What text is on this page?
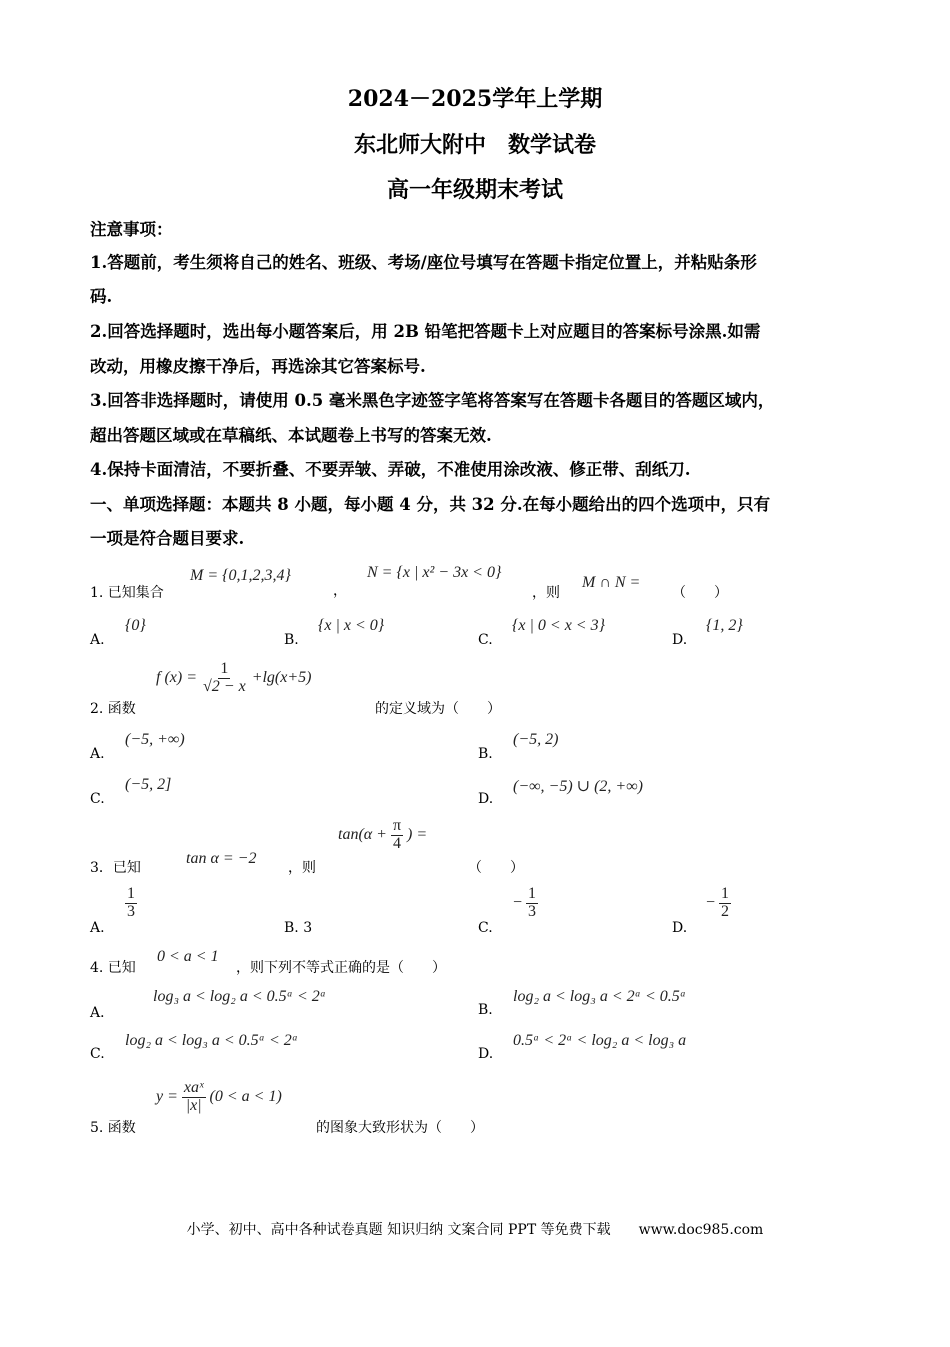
2024－2025学年上学期
东北师大附中　数学试卷
高一年级期末考试
注意事项：
1.答题前，考生须将自己的姓名、班级、考场/座位号填写在答题卡指定位置上，并粘贴条形
码.
2.回答选择题时，选出每小题答案后，用 2B 铅笔把答题卡上对应题目的答案标号涂黑.如需
改动，用橡皮擦干净后，再选涂其它答案标号.
3.回答非选择题时，请使用 0.5 毫米黑色字迹签字笔将答案写在答题卡各题目的答题区域内，
超出答题区域或在草稿纸、本试题卷上书写的答案无效.
4.保持卡面清洁，不要折叠、不要弄皱、弄破，不准使用涂改液、修正带、刮纸刀.
一、单项选择题：本题共 8 小题，每小题 4 分，共 32 分.在每小题给出的四个选项中，只有
一项是符合题目要求.
1. 已知集合
M = {0,1,2,3,4}
，
N = {x | x² − 3x < 0}
，则
M ∩ N =
（　　）
A.
{0}
B.
{x | x < 0}
C.
{x | 0 < x < 3}
D.
{1, 2}
2. 函数
f $(x) = \frac{1}{√2 - x} +\lg(x+5)$
的定义域为（　　）
A.
(−5, +∞)
B.
(−5, 2)
C.
(−5, 2]
D.
(−∞, −5) ∪ (2, +∞)
3．已知
tan α = −2
，则
$\tan(\alpha + \frac{\pi}{4}$ ) =
（　　）
A.
$\frac{1}{3}$
B. 3	C.
− $\frac{1}{3}$
D.
− $\frac{1}{2}$
4. 已知
0 < a < 1
，则下列不等式正确的是（　　）
A．
log₃ a < log₂ a < 0.5ᵃ < 2ᵃ
B.
log₂ a < log₃ a < 2ᵃ < 0.5ᵃ
C.
log₂ a < log₃ a < 0.5ᵃ < 2ᵃ
D.
0.5ᵃ < 2ᵃ < log₂ a < log₃ a
5. 函数
$y = \frac{\text{xaˣ}}{|x|} (0 < a < 1)$
的图象大致形状为（　　）
小学、初中、高中各种试卷真题 知识归纳 文案合同 PPT 等免费下载　　www.doc985.com
